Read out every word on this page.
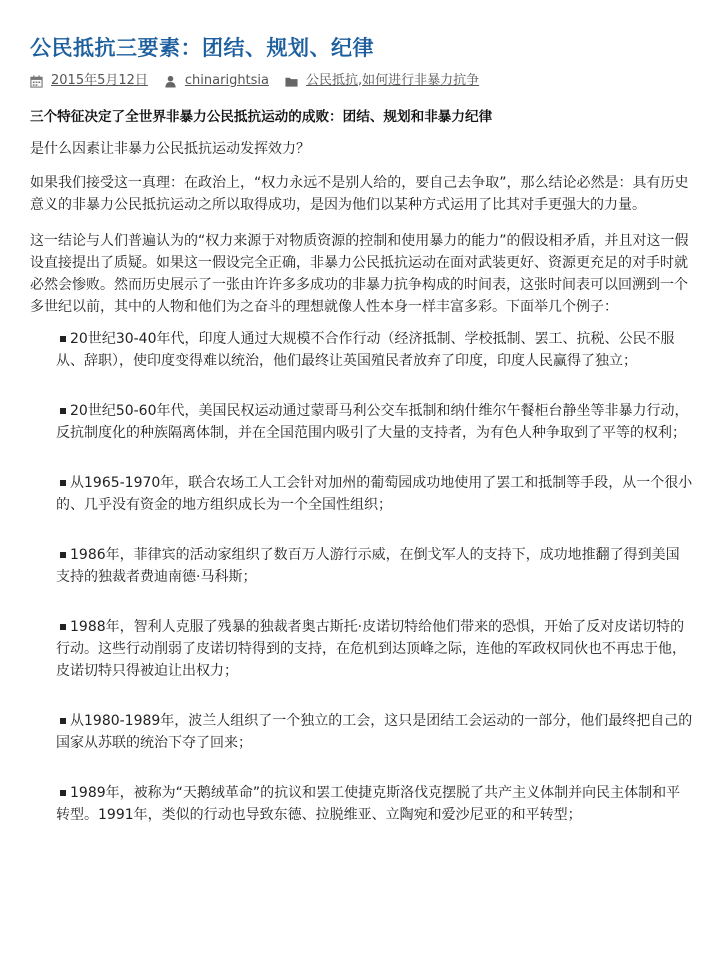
公民抵抗三要素：团结、规划、纪律
2015年5月12日	chinarightsia	公民抵抗 , 如何进行非暴力抗争

三个特征决定了全世界非暴力公民抵抗运动的成败：团结、规划和非暴力纪律

是什么因素让非暴力公民抵抗运动发挥效力？

如果我们接受这一真理：在政治上，“权力永远不是别人给的，要自己去争取”，那么结论必然是：具有历史意义的非暴力公民抵抗运动之所以取得成功，是因为他们以某种方式运用了比其对手更强大的力量。

这一结论与人们普遍认为的“权力来源于对物质资源的控制和使用暴力的能力”的假设相矛盾，并且对这一假设直接提出了质疑。如果这一假设完全正确，非暴力公民抵抗运动在面对武装更好、资源更充足的对手时就必然会惨败。然而历史展示了一张由许许多多成功的非暴力抗争构成的时间表，这张时间表可以回溯到一个多世纪以前，其中的人物和他们为之奋斗的理想就像人性本身一样丰富多彩。下面举几个例子：

20世纪30-40年代，印度人通过大规模不合作行动（经济抵制、学校抵制、罢工、抗税、公民不服从、辞职），使印度变得难以统治，他们最终让英国殖民者放弃了印度，印度人民赢得了独立；
20世纪50-60年代，美国民权运动通过蒙哥马利公交车抵制和纳什维尔午餐柜台静坐等非暴力行动，反抗制度化的种族隔离体制，并在全国范围内吸引了大量的支持者，为有色人种争取到了平等的权利；
从1965-1970年，联合农场工人工会针对加州的葡萄园成功地使用了罢工和抵制等手段，从一个很小的、几乎没有资金的地方组织成长为一个全国性组织；
1986年，菲律宾的活动家组织了数百万人游行示威，在倒戈军人的支持下，成功地推翻了得到美国支持的独裁者费迪南德·马科斯；
1988年，智利人克服了残暴的独裁者奥古斯托·皮诺切特给他们带来的恐惧，开始了反对皮诺切特的行动。这些行动削弱了皮诺切特得到的支持，在危机到达顶峰之际，连他的军政权同伙也不再忠于他，皮诺切特只得被迫让出权力；
从1980-1989年，波兰人组织了一个独立的工会，这只是团结工会运动的一部分，他们最终把自己的国家从苏联的统治下夺了回来；
1989年，被称为“天鹅绒革命”的抗议和罢工使捷克斯洛伐克摆脱了共产主义体制并向民主体制和平转型。1991年，类似的行动也导致东德、拉脱维亚、立陶宛和爱沙尼亚的和平转型；
